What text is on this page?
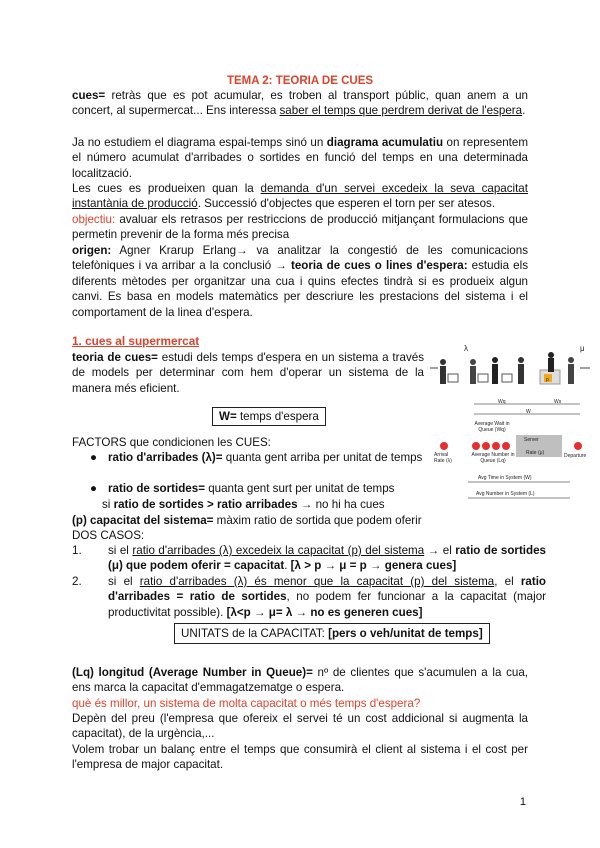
TEMA 2: TEORIA DE CUES

cues= retràs que es pot acumular, es troben al transport públic, quan anem a un concert, al supermercat... Ens interessa saber el temps que perdrem derivat de l'espera.

Ja no estudiem el diagrama espai-temps sinó un diagrama acumulatiu on representem el número acumulat d'arribades o sortides en funció del temps en una determinada localització.

Les cues es produeixen quan la demanda d'un servei excedeix la seva capacitat instantània de producció. Successió d'objectes que esperen el torn per ser atesos.

objectiu: avaluar els retrasos per restriccions de producció mitjançant formulacions que permetin prevenir de la forma més precisa

origen: Agner Krarup Erlang→ va analitzar la congestió de les comunicacions telefòniques i va arribar a la conclusió → teoria de cues o lines d'espera: estudia els diferents mètodes per organitzar una cua i quins efectes tindrà si es produeix algun canvi. Es basa en models matemàtics per descriure les prestacions del sistema i el comportament de la linea d'espera.

1. cues al supermercat

teoria de cues= estudi dels temps d'espera en un sistema a través de models per determinar com hem d'operar un sistema de la manera més eficient.

W= temps d'espera

FACTORS que condicionen les CUES:

● ratio d'arribades (λ)= quanta gent arriba per unitat de temps

● ratio de sortides= quanta gent surt per unitat de temps

si ratio de sortides > ratio arribades → no hi ha cues

(p) capacitat del sistema= màxim ratio de sortida que podem oferir

DOS CASOS:

1. si el ratio d'arribades (λ) excedeix la capacitat (p) del sistema → el ratio de sortides (μ) que podem oferir = capacitat. [λ > p → μ = p → genera cues]

2. si el ratio d'arribades (λ) és menor que la capacitat (p) del sistema, el ratio d'arribades = ratio de sortides, no podem fer funcionar a la capacitat (major productivitat possible). [λ<p → μ= λ → no es generen cues]

UNITATS de la CAPACITAT: [pers o veh/unitat de temps]

(Lq) longitud (Average Number in Queue)= nº de clientes que s'acumulen a la cua, ens marca la capacitat d'emmagatzematge o espera.

què és millor, un sistema de molta capacitat o més temps d'espera?

Depèn del preu (l'empresa que ofereix el servei té un cost addicional si augmenta la capacitat), de la urgència,...

Volem trobar un balanç entre el temps que consumirà el client al sistema i el cost per l'empresa de major capacitat.

1
λ	μ
p
Wq	Ws
W
Average Wait in Queue (Wq)
Arrival Rate (λ)
Average Number in Queue (Lq)
Server
Rate (μ)	Departure
Avg Time in System (W)
Avg Number in System (L)
